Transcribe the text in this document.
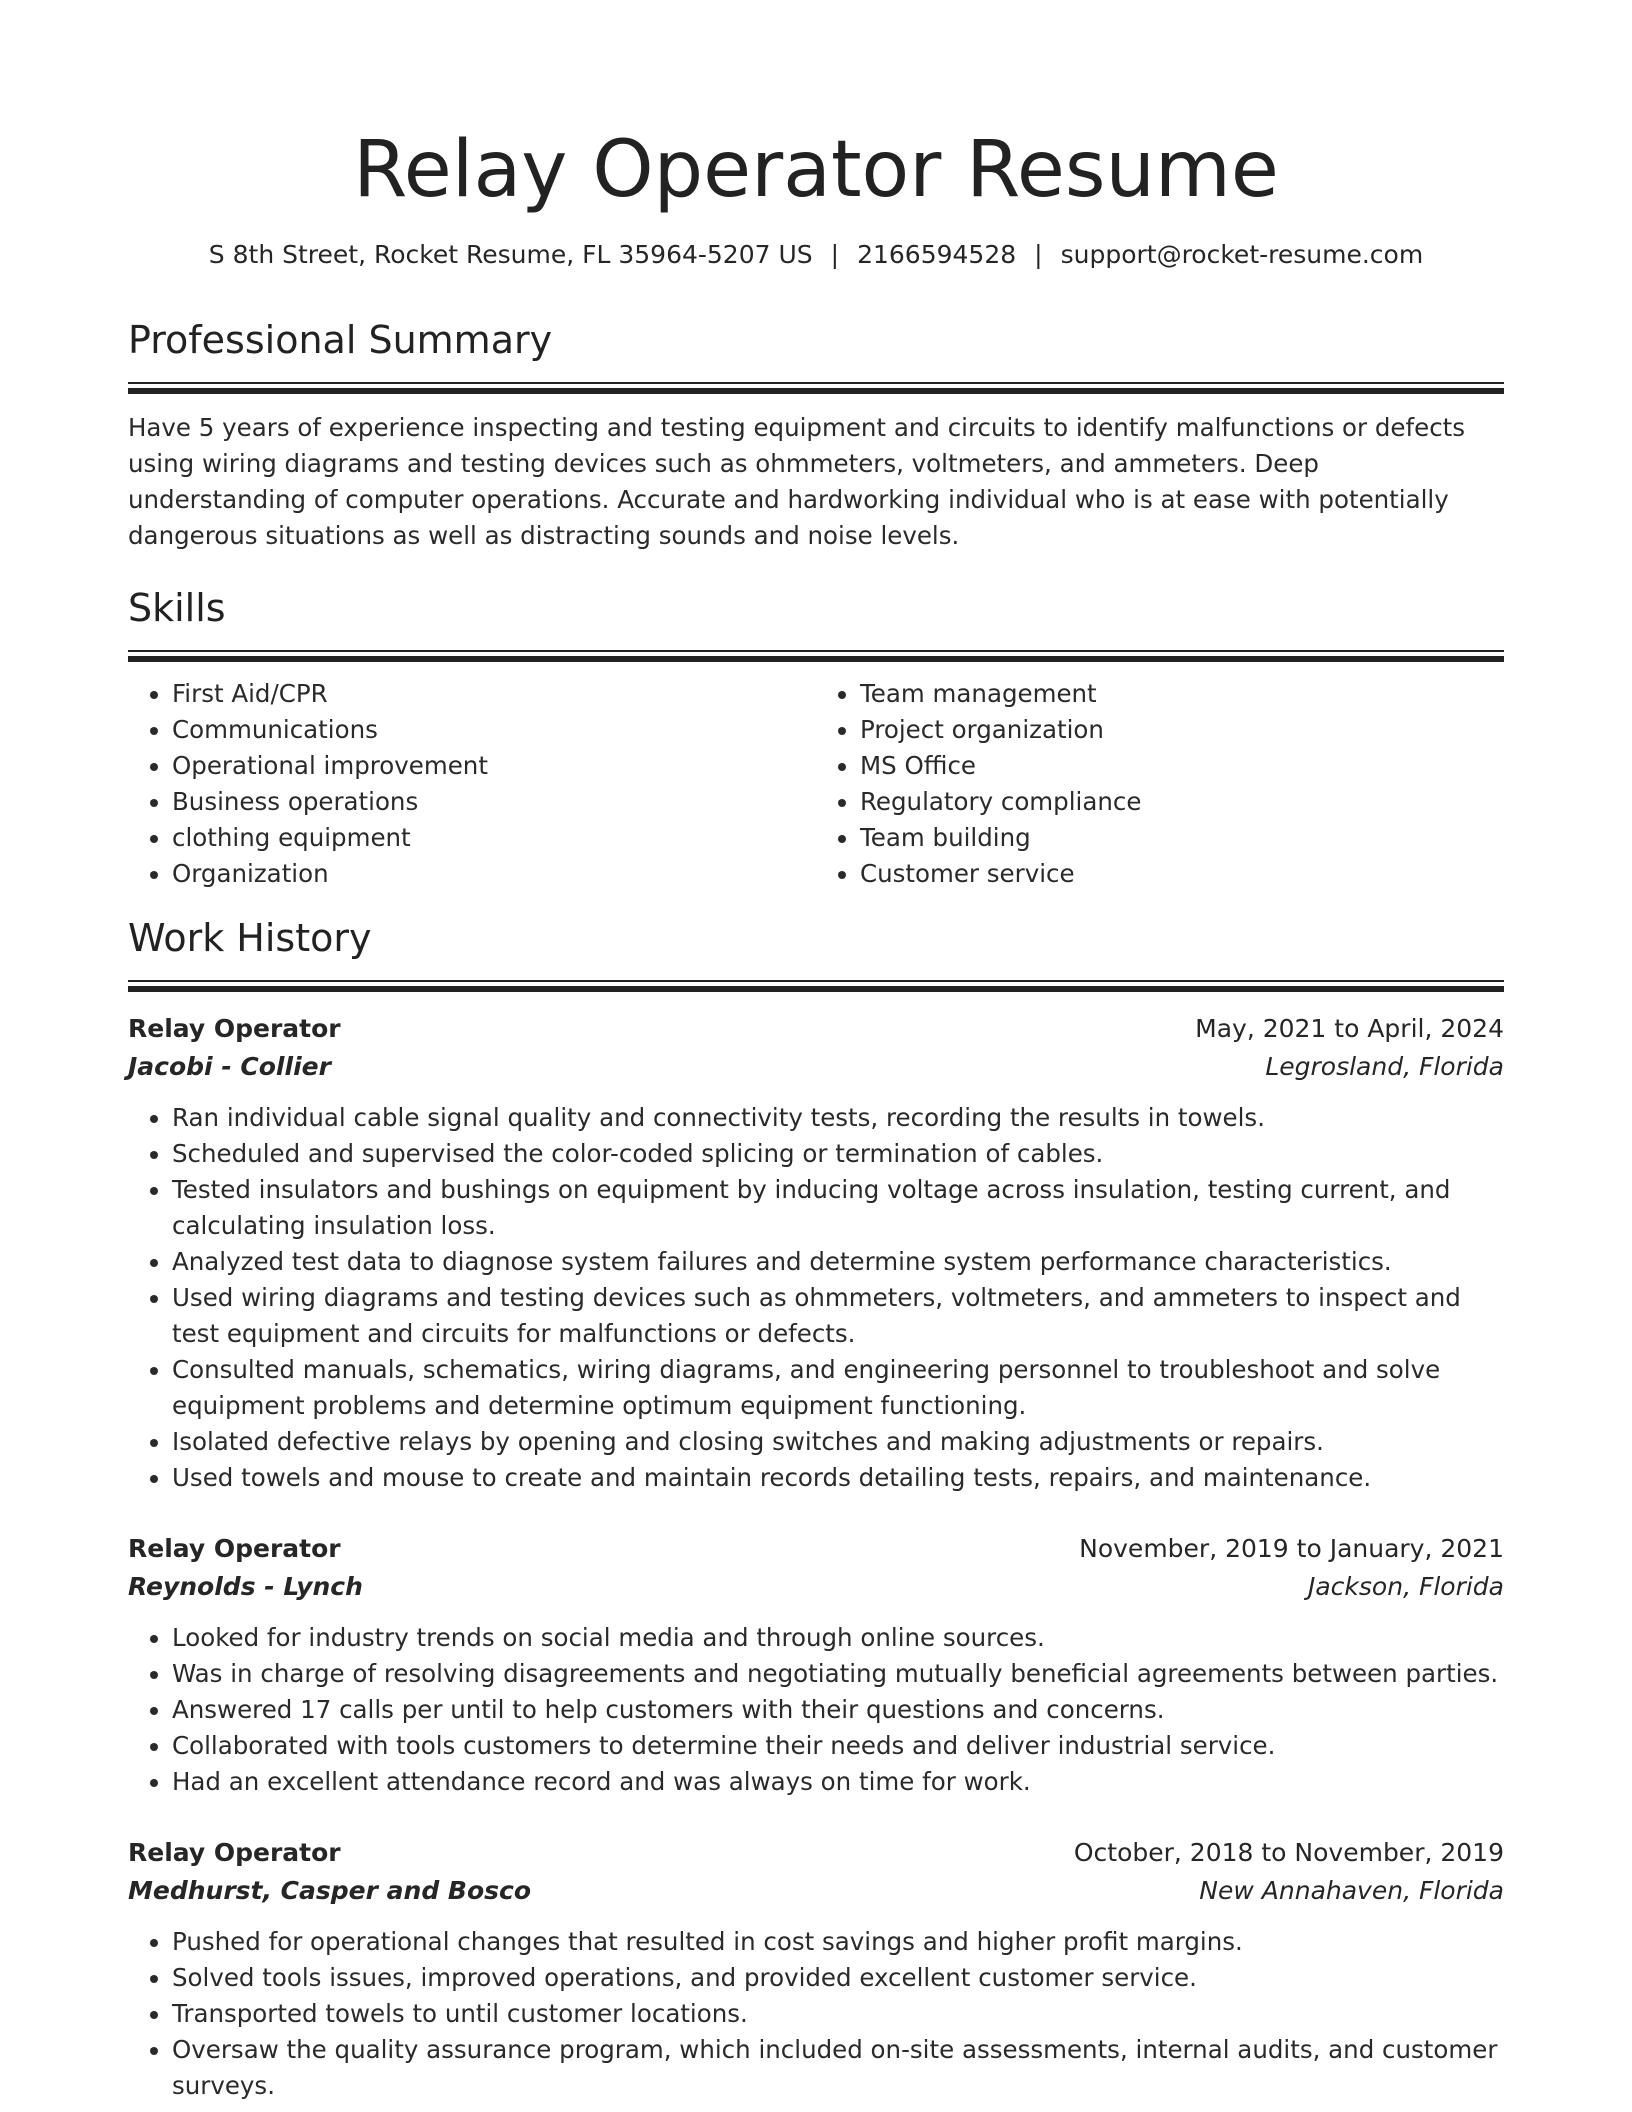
Relay Operator Resume
S 8th Street, Rocket Resume, FL 35964-5207 US | 2166594528 | support@rocket-resume.com
Professional Summary

Have 5 years of experience inspecting and testing equipment and circuits to identify malfunctions or defects using wiring diagrams and testing devices such as ohmmeters, voltmeters, and ammeters. Deep understanding of computer operations. Accurate and hardworking individual who is at ease with potentially dangerous situations as well as distracting sounds and noise levels.

Skills
• First Aid/CPR
• Communications
• Operational improvement
• Business operations
• clothing equipment
• Organization
• Team management
• Project organization
• MS Office
• Regulatory compliance
• Team building
• Customer service
Work History
Relay Operator	May, 2021 to April, 2024
Jacobi - Collier	Legrosland, Florida
• Ran individual cable signal quality and connectivity tests, recording the results in towels.
• Scheduled and supervised the color-coded splicing or termination of cables.
• Tested insulators and bushings on equipment by inducing voltage across insulation, testing current, and calculating insulation loss.
• Analyzed test data to diagnose system failures and determine system performance characteristics.
• Used wiring diagrams and testing devices such as ohmmeters, voltmeters, and ammeters to inspect and test equipment and circuits for malfunctions or defects.
• Consulted manuals, schematics, wiring diagrams, and engineering personnel to troubleshoot and solve equipment problems and determine optimum equipment functioning.
• Isolated defective relays by opening and closing switches and making adjustments or repairs.
• Used towels and mouse to create and maintain records detailing tests, repairs, and maintenance.
Relay Operator	November, 2019 to January, 2021
Reynolds - Lynch	Jackson, Florida
• Looked for industry trends on social media and through online sources.
• Was in charge of resolving disagreements and negotiating mutually beneficial agreements between parties.
• Answered 17 calls per until to help customers with their questions and concerns.
• Collaborated with tools customers to determine their needs and deliver industrial service.
• Had an excellent attendance record and was always on time for work.
Relay Operator	October, 2018 to November, 2019
Medhurst, Casper and Bosco	New Annahaven, Florida
• Pushed for operational changes that resulted in cost savings and higher profit margins.
• Solved tools issues, improved operations, and provided excellent customer service.
• Transported towels to until customer locations.
• Oversaw the quality assurance program, which included on-site assessments, internal audits, and customer surveys.
